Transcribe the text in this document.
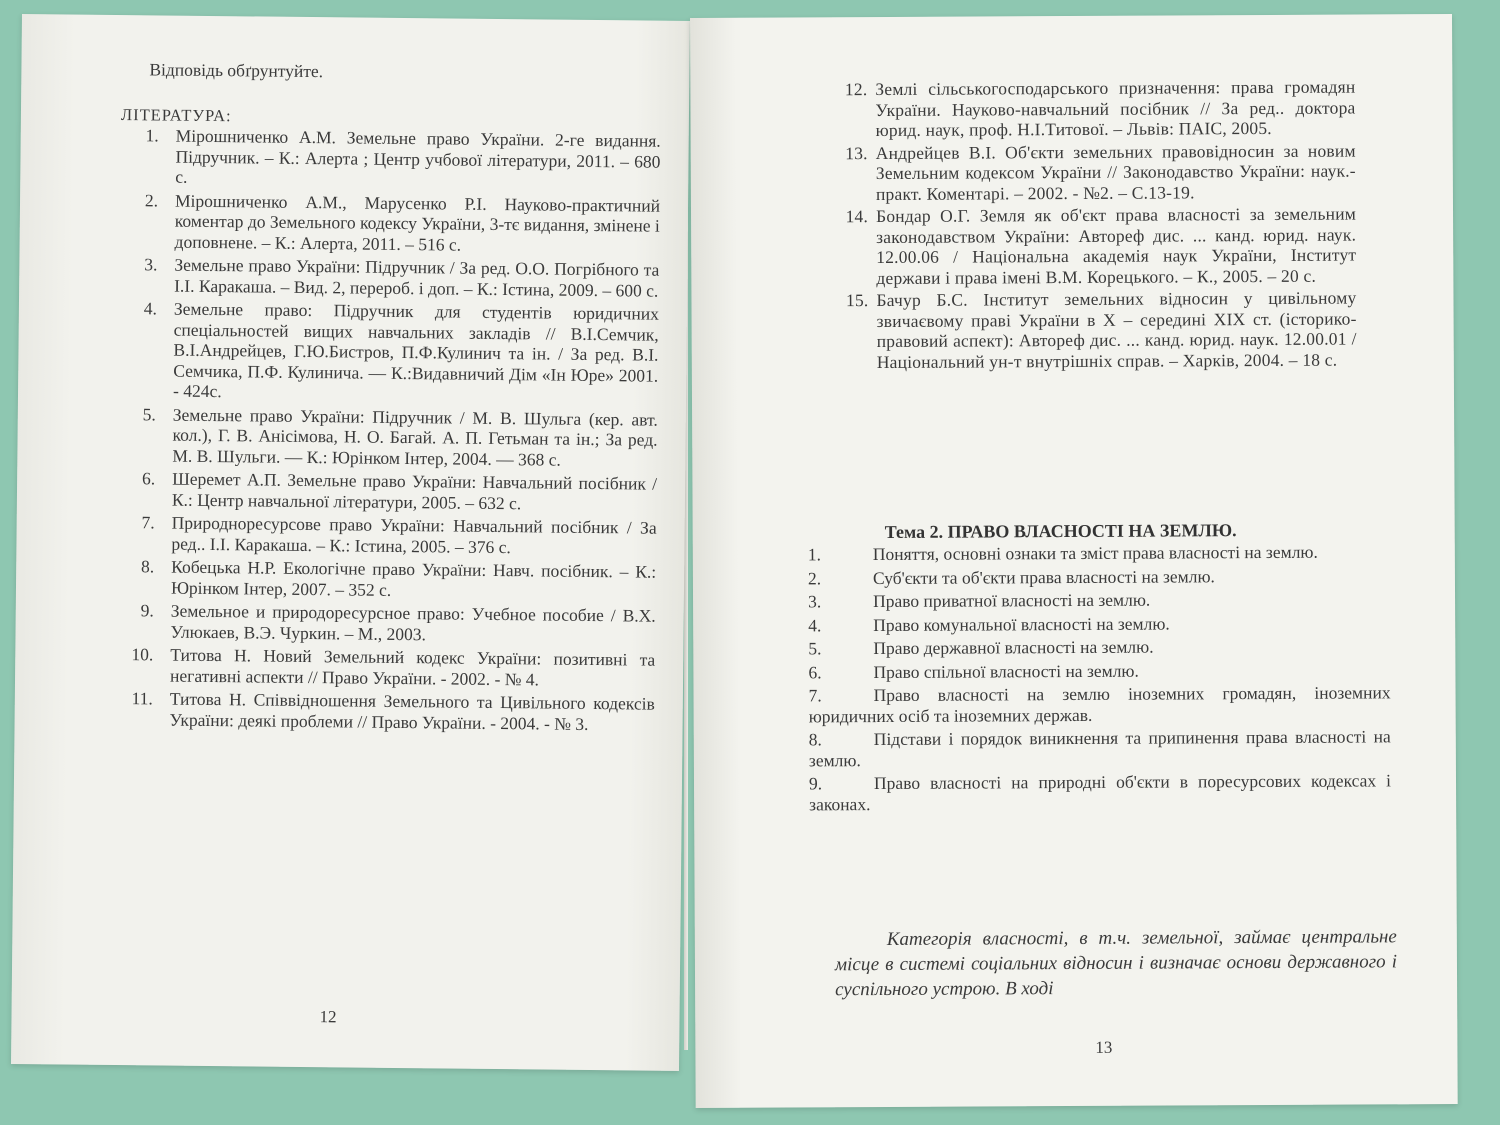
Відповідь обґрунтуйте.
ЛІТЕРАТУРА:
1. Мірошниченко А.М. Земельне право України. 2-ге видання. Підручник. – К.: Алерта ; Центр учбової літератури, 2011. – 680 с.
2. Мірошниченко А.М., Марусенко Р.І. Науково-практичний коментар до Земельного кодексу України, 3-тє видання, змінене і доповнене. – К.: Алерта, 2011. – 516 с.
3. Земельне право України: Підручник / За ред. О.О. Погрібного та І.І. Каракаша. – Вид. 2, перероб. і доп. – К.: Істина, 2009. – 600 с.
4. Земельне право: Підручник для студентів юридичних спеціальностей вищих навчальних закладів // В.І.Семчик, В.І.Андрейцев, Г.Ю.Бистров, П.Ф.Кулинич та ін. / За ред. В.І. Семчика, П.Ф. Кулинича. — К.:Видавничий Дім «Ін Юре» 2001. - 424с.
5. Земельне право України: Підручник / М. В. Шульга (кер. авт. кол.), Г. В. Анісімова, Н. О. Багай. А. П. Гетьман та ін.; За ред. М. В. Шульги. — К.: Юрінком Інтер, 2004. — 368 с.
6. Шеремет А.П. Земельне право України: Навчальний посібник / К.: Центр навчальної літератури, 2005. – 632 с.
7. Природноресурсове право України: Навчальний посібник / За ред.. І.І. Каракаша. – К.: Істина, 2005. – 376 с.
8. Кобецька Н.Р. Екологічне право України: Навч. посібник. – К.: Юрінком Інтер, 2007. – 352 с.
9. Земельное и природоресурсное право: Учебное пособие / В.Х. Улюкаев, В.Э. Чуркин. – М., 2003.
10. Титова Н. Новий Земельний кодекс України: позитивні та негативні аспекти // Право України. - 2002. - № 4.
11. Титова Н. Співвідношення Земельного та Цивільного кодексів України: деякі проблеми // Право України. - 2004. - № 3.
12
12. Землі сільськогосподарського призначення: права громадян України. Науково-навчальний посібник // За ред.. доктора юрид. наук, проф. Н.І.Титової. – Львів: ПАІС, 2005.
13. Андрейцев В.І. Об'єкти земельних правовідносин за новим Земельним кодексом України // Законодавство України: наук.-практ. Коментарі. – 2002. - №2. – С.13-19.
14. Бондар О.Г. Земля як об'єкт права власності за земельним законодавством України: Автореф дис. ... канд. юрид. наук. 12.00.06 / Національна академія наук України, Інститут держави і права імені В.М. Корецького. – К., 2005. – 20 с.
15. Бачур Б.С. Інститут земельних відносин у цивільному звичаєвому праві України в Х – середині XIX ст. (історико-правовий аспект): Автореф дис. ... канд. юрид. наук. 12.00.01 / Національний ун-т внутрішніх справ. – Харків, 2004. – 18 с.
Тема 2. ПРАВО ВЛАСНОСТІ НА ЗЕМЛЮ.
1.	Поняття, основні ознаки та зміст права власності на землю.
2.	Суб'єкти та об'єкти права власності на землю.
3.	Право приватної власності на землю.
4.	Право комунальної власності на землю.
5.	Право державної власності на землю.
6.	Право спільної власності на землю.
7.	Право власності на землю іноземних громадян, іноземних юридичних осіб та іноземних держав.
8.	Підстави і порядок виникнення та припинення права власності на землю.
9.	Право власності на природні об'єкти в поресурсових кодексах і законах.
Категорія власності, в т.ч. земельної, займає центральне місце в системі соціальних відносин і визначає основи державного і суспільного устрою. В ході
13
